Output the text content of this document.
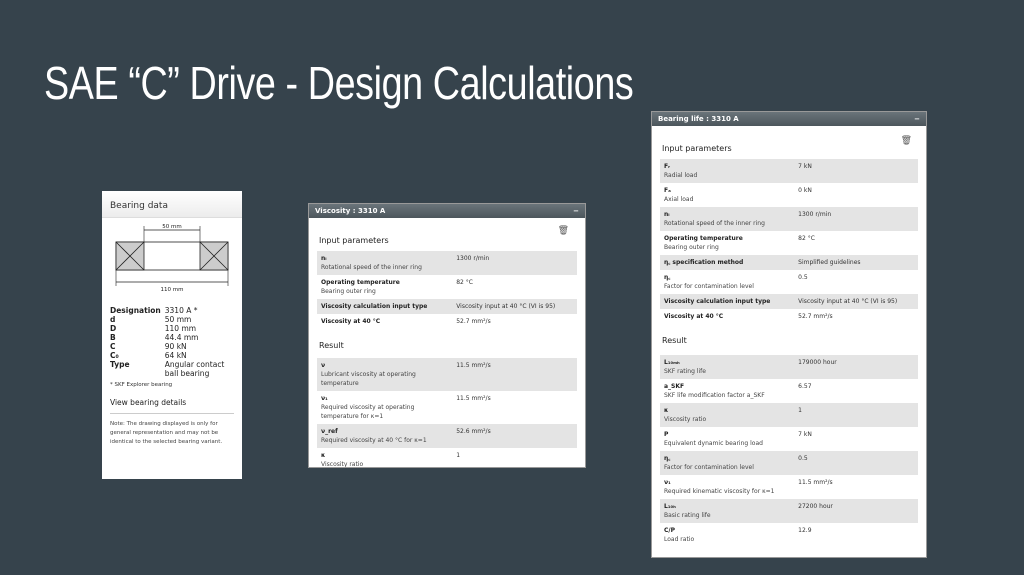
SAE “C” Drive - Design Calculations
Bearing data
50 mm
110 mm
Designation	3310 A *
d	50 mm
D	110 mm
B	44.4 mm
C	90 kN
C₀	64 kN
Type	Angular contact ball bearing
* SKF Explorer bearing
View bearing details
Note: The drawing displayed is only for general representation and may not be identical to the selected bearing variant.
Viscosity : 3310 A	−
🗑
Input parameters
nᵢ
Rotational speed of the inner ring	1300 r/min

Operating temperature
Bearing outer ring	82 °C

Viscosity calculation input type	Viscosity input at 40 °C (VI is 95)

Viscosity at 40 °C	52.7 mm²/s
Result
ν
Lubricant viscosity at operating temperature	11.5 mm²/s

ν₁
Required viscosity at operating temperature for κ=1	11.5 mm²/s

ν_ref
Required viscosity at 40 °C for κ=1	52.6 mm²/s

κ
Viscosity ratio	1
Bearing life : 3310 A	−
🗑
Input parameters
Fᵣ
Radial load	7 kN

Fₐ
Axial load	0 kN

nᵢ
Rotational speed of the inner ring	1300 r/min

Operating temperature
Bearing outer ring	82 °C

η꜀ specification method	Simplified guidelines

η꜀
Factor for contamination level	0.5

Viscosity calculation input type	Viscosity input at 40 °C (VI is 95)

Viscosity at 40 °C	52.7 mm²/s
Result
L₁₀ₘₕ
SKF rating life	179000 hour

a_SKF
SKF life modification factor a_SKF	6.57

κ
Viscosity ratio	1

P
Equivalent dynamic bearing load	7 kN

η꜀
Factor for contamination level	0.5

ν₁
Required kinematic viscosity for κ=1	11.5 mm²/s

L₁₀ₕ
Basic rating life	27200 hour

C/P
Load ratio	12.9
